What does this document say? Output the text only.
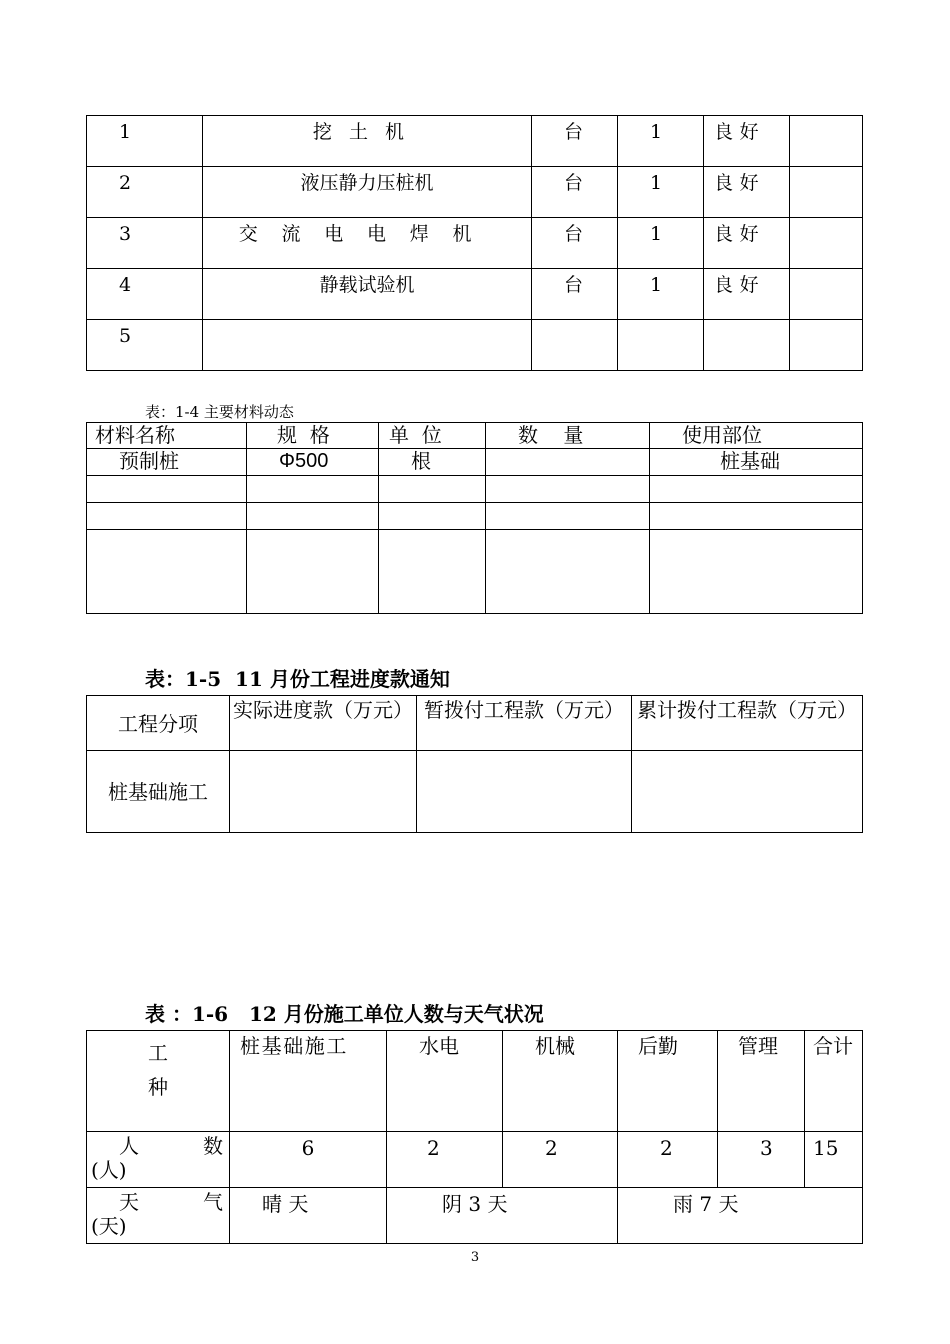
1	挖土机	台	1	良好	
2	液压静力压桩机	台	1	良好	
3	交流电电焊机	台	1	良好	
4	静载试验机	台	1	良好	
5					
表：1-4 主要材料动态
材料名称	规  格	单  位	数    量	使用部位
预制桩	Φ500	根		桩基础

表：1-5  11 月份工程进度款通知
工程分项	实际进度款（万元）	暂拨付工程款（万元）	累计拨付工程款（万元）
桩基础施工			
表 ：1-6   12 月份施工单位人数与天气状况
工
种	桩基础施工	水电	机械	后勤	管理	合计

人 数
(人)	6	2	2	2	3	15

天 气
(天)	晴 天	阴 3 天		雨 7 天		
3
